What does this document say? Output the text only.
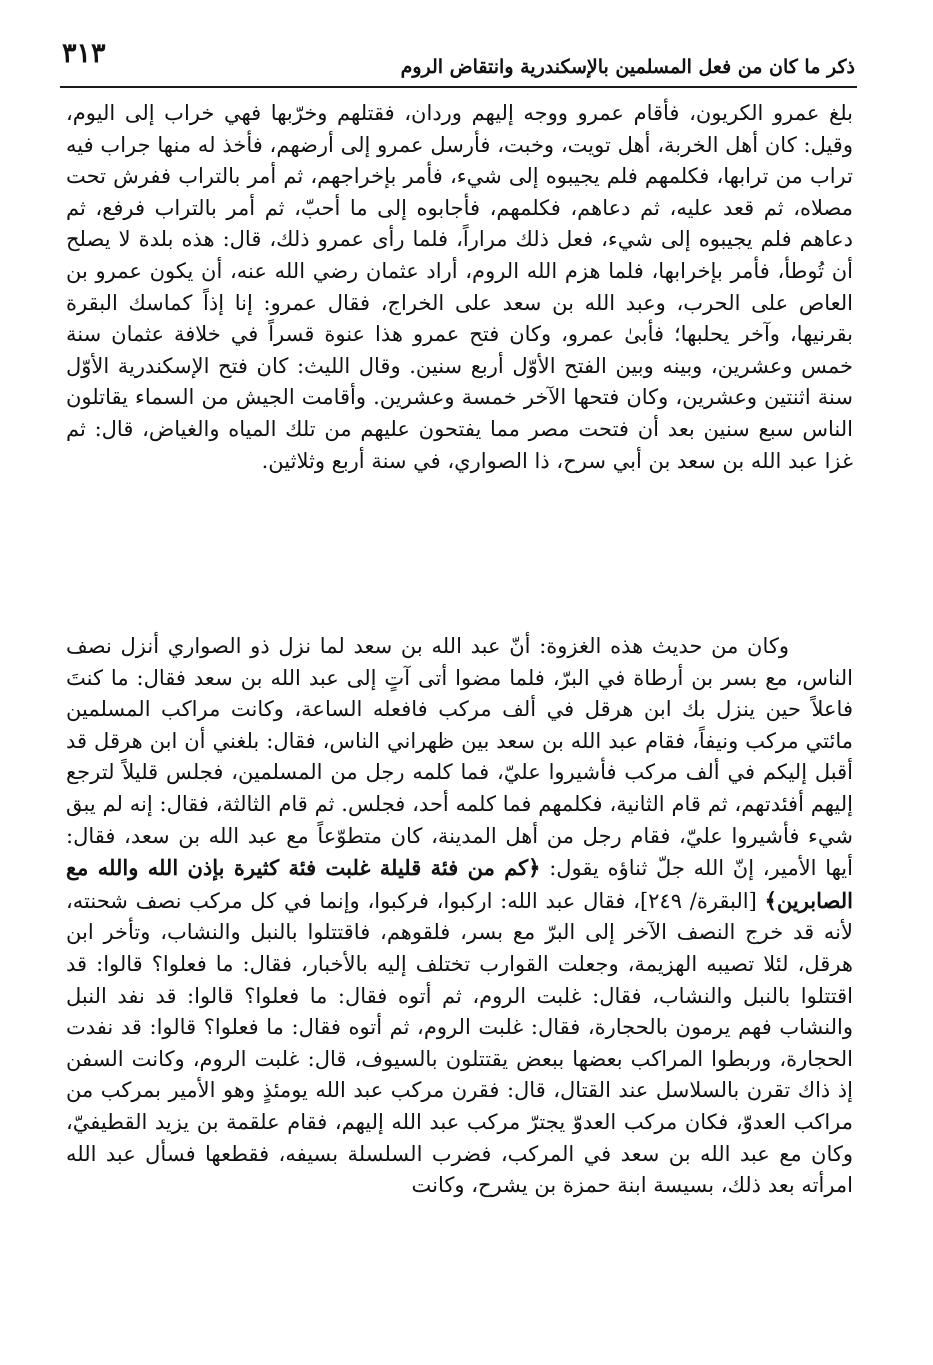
ذكر ما كان من فعل المسلمين بالإسكندرية وانتقاض الروم
٣١٣

بلغ عمرو الكريون، فأقام عمرو ووجه إليهم وردان، فقتلهم وخرّبها فهي خراب إلى اليوم، وقيل: كان أهل الخربة، أهل تويت، وخبت، فأرسل عمرو إلى أرضهم، فأخذ له منها جراب فيه تراب من ترابها، فكلمهم فلم يجيبوه إلى شيء، فأمر بإخراجهم، ثم أمر بالتراب ففرش تحت مصلاه، ثم قعد عليه، ثم دعاهم، فكلمهم، فأجابوه إلى ما أحبّ، ثم أمر بالتراب فرفع، ثم دعاهم فلم يجيبوه إلى شيء، فعل ذلك مراراً، فلما رأى عمرو ذلك، قال: هذه بلدة لا يصلح أن تُوطأ، فأمر بإخرابها، فلما هزم الله الروم، أراد عثمان رضي الله عنه، أن يكون عمرو بن العاص على الحرب، وعبد الله بن سعد على الخراج، فقال عمرو: إنا إذاً كماسك البقرة بقرنيها، وآخر يحلبها؛ فأبىٰ عمرو، وكان فتح عمرو هذا عنوة قسراً في خلافة عثمان سنة خمس وعشرين، وبينه وبين الفتح الأوّل أربع سنين. وقال الليث: كان فتح الإسكندرية الأوّل سنة اثنتين وعشرين، وكان فتحها الآخر خمسة وعشرين. وأقامت الجيش من السماء يقاتلون الناس سبع سنين بعد أن فتحت مصر مما يفتحون عليهم من تلك المياه والغياض، قال: ثم غزا عبد الله بن سعد بن أبي سرح، ذا الصواري، في سنة أربع وثلاثين.

وكان من حديث هذه الغزوة: أنّ عبد الله بن سعد لما نزل ذو الصواري أنزل نصف الناس، مع بسر بن أرطاة في البرّ، فلما مضوا أتى آتٍ إلى عبد الله بن سعد فقال: ما كنتَ فاعلاً حين ينزل بك ابن هرقل في ألف مركب فافعله الساعة، وكانت مراكب المسلمين مائتي مركب ونيفاً، فقام عبد الله بن سعد بين ظهراني الناس، فقال: بلغني أن ابن هرقل قد أقبل إليكم في ألف مركب فأشيروا عليّ، فما كلمه رجل من المسلمين، فجلس قليلاً لترجع إليهم أفئدتهم، ثم قام الثانية، فكلمهم فما كلمه أحد، فجلس. ثم قام الثالثة، فقال: إنه لم يبق شيء فأشيروا عليّ، فقام رجل من أهل المدينة، كان متطوّعاً مع عبد الله بن سعد، فقال: أيها الأمير، إنّ الله جلّ ثناؤه يقول: ﴿كم من فئة قليلة غلبت فئة كثيرة بإذن الله والله مع الصابرين﴾ [البقرة/ ٢٤٩]، فقال عبد الله: اركبوا، فركبوا، وإنما في كل مركب نصف شحنته، لأنه قد خرج النصف الآخر إلى البرّ مع بسر، فلقوهم، فاقتتلوا بالنبل والنشاب، وتأخر ابن هرقل، لئلا تصيبه الهزيمة، وجعلت القوارب تختلف إليه بالأخبار، فقال: ما فعلوا؟ قالوا: قد اقتتلوا بالنبل والنشاب، فقال: غلبت الروم، ثم أتوه فقال: ما فعلوا؟ قالوا: قد نفد النبل والنشاب فهم يرمون بالحجارة، فقال: غلبت الروم، ثم أتوه فقال: ما فعلوا؟ قالوا: قد نفدت الحجارة، وربطوا المراكب بعضها ببعض يقتتلون بالسيوف، قال: غلبت الروم، وكانت السفن إذ ذاك تقرن بالسلاسل عند القتال، قال: فقرن مركب عبد الله يومئذٍ وهو الأمير بمركب من مراكب العدوّ، فكان مركب العدوّ يجترّ مركب عبد الله إليهم، فقام علقمة بن يزيد القطيفيّ، وكان مع عبد الله بن سعد في المركب، فضرب السلسلة بسيفه، فقطعها فسأل عبد الله امرأته بعد ذلك، بسيسة ابنة حمزة بن يشرح، وكانت
